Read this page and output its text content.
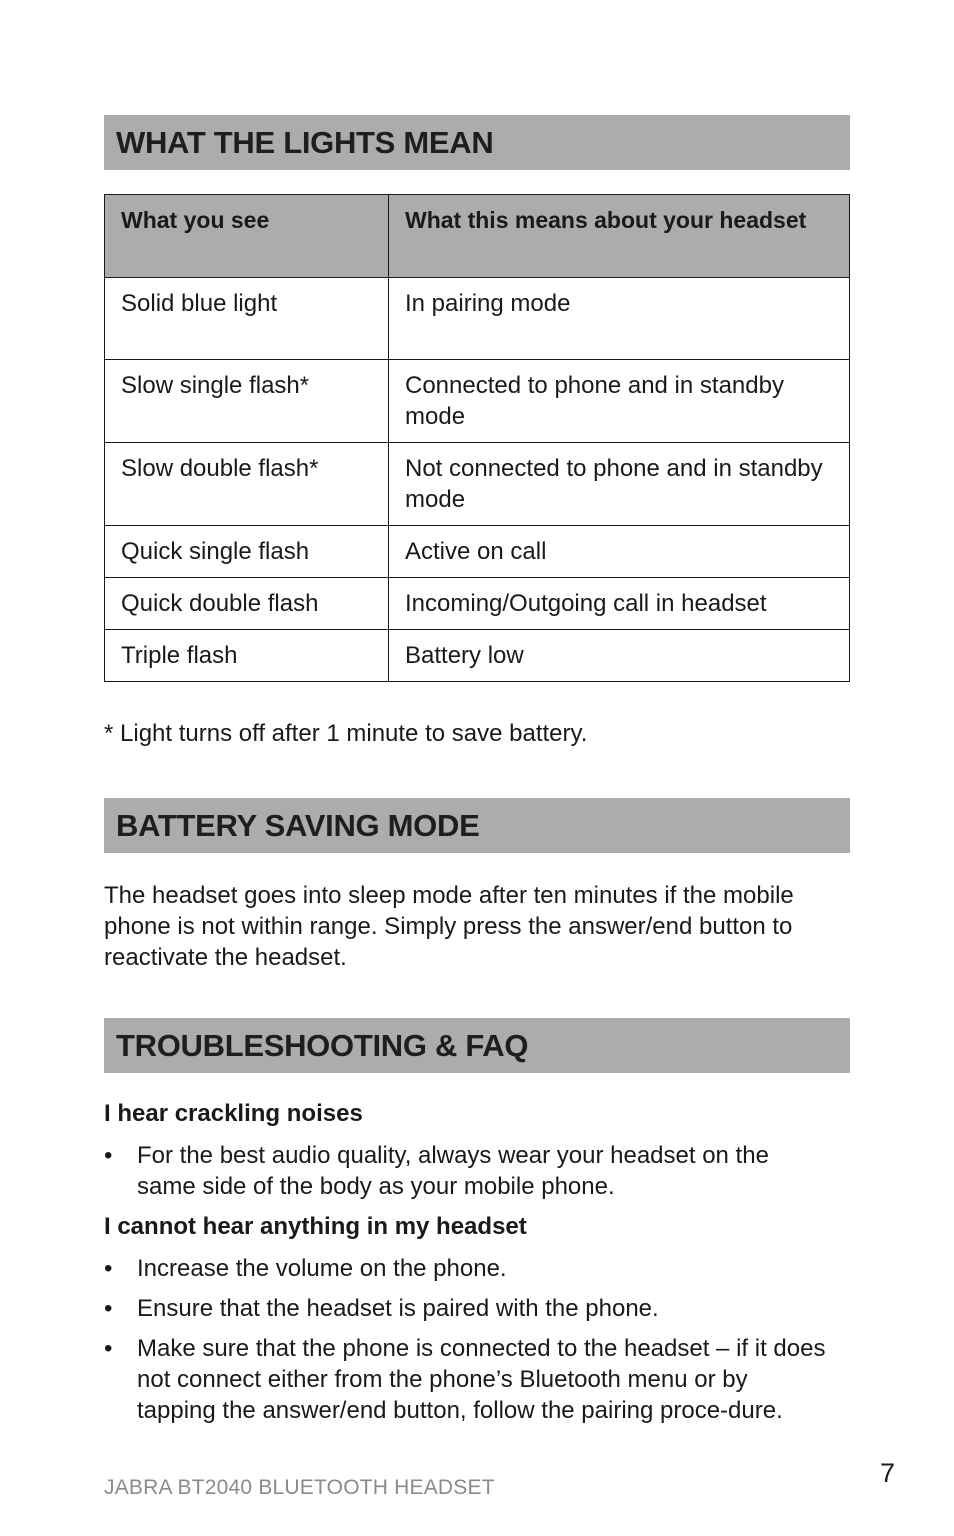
WHAT THE LIGHTS MEAN
What you see	What this means about your headset
Solid blue light	In pairing mode
Slow single flash*	Connected to phone and in standby mode
Slow double flash*	Not connected to phone and in standby mode
Quick single flash	Active on call
Quick double flash	Incoming/Outgoing call in headset
Triple flash	Battery low

* Light turns off after 1 minute to save battery.

BATTERY SAVING MODE

The headset goes into sleep mode after ten minutes if the mobile phone is not within range. Simply press the answer/end button to reactivate the headset.

TROUBLESHOOTING & FAQ

I hear crackling noises

• For the best audio quality, always wear your headset on the same side of the body as your mobile phone.

I cannot hear anything in my headset

• Increase the volume on the phone.
• Ensure that the headset is paired with the phone.
• Make sure that the phone is connected to the headset – if it does not connect either from the phone’s Bluetooth menu or by tapping the answer/end button, follow the pairing proce-dure.

JABRA BT2040 BLUETOOTH HEADSET	7
